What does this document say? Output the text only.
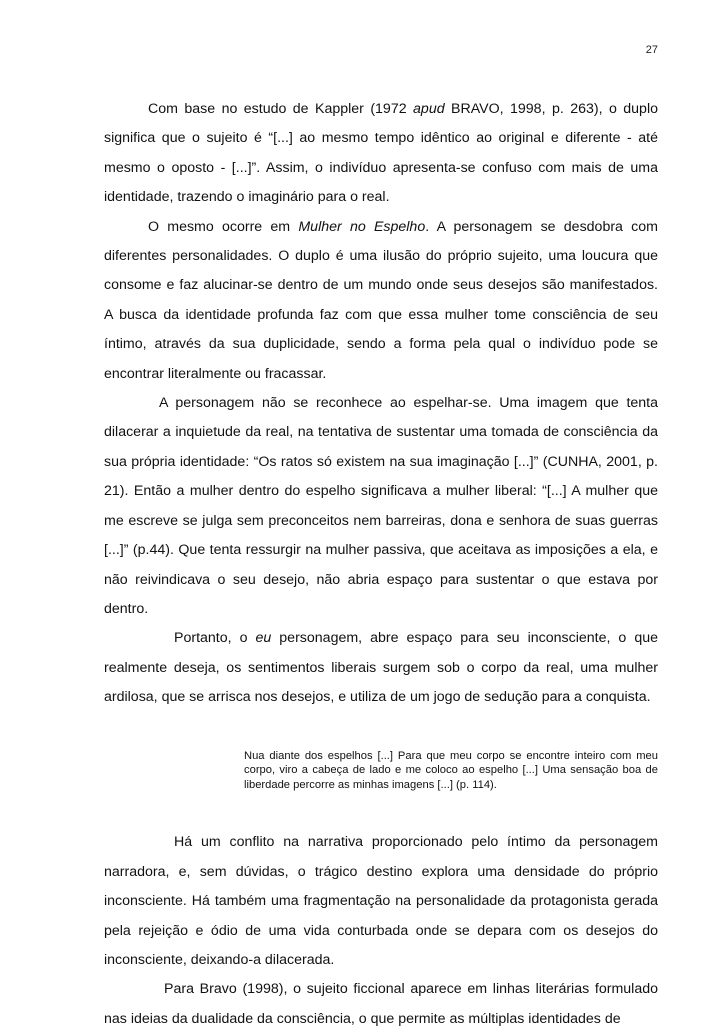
27

Com base no estudo de Kappler (1972 apud BRAVO, 1998, p. 263), o duplo significa que o sujeito é “[...] ao mesmo tempo idêntico ao original e diferente - até mesmo o oposto - [...]”. Assim, o indivíduo apresenta-se confuso com mais de uma identidade, trazendo o imaginário para o real.

O mesmo ocorre em Mulher no Espelho. A personagem se desdobra com diferentes personalidades. O duplo é uma ilusão do próprio sujeito, uma loucura que consome e faz alucinar-se dentro de um mundo onde seus desejos são manifestados. A busca da identidade profunda faz com que essa mulher tome consciência de seu íntimo, através da sua duplicidade, sendo a forma pela qual o indivíduo pode se encontrar literalmente ou fracassar.

A personagem não se reconhece ao espelhar-se. Uma imagem que tenta dilacerar a inquietude da real, na tentativa de sustentar uma tomada de consciência da sua própria identidade: “Os ratos só existem na sua imaginação [...]” (CUNHA, 2001, p. 21). Então a mulher dentro do espelho significava a mulher liberal: “[...] A mulher que me escreve se julga sem preconceitos nem barreiras, dona e senhora de suas guerras [...]” (p.44). Que tenta ressurgir na mulher passiva, que aceitava as imposições a ela, e não reivindicava o seu desejo, não abria espaço para sustentar o que estava por dentro.

Portanto, o eu personagem, abre espaço para seu inconsciente, o que realmente deseja, os sentimentos liberais surgem sob o corpo da real, uma mulher ardilosa, que se arrisca nos desejos, e utiliza de um jogo de sedução para a conquista.

Nua diante dos espelhos [...] Para que meu corpo se encontre inteiro com meu corpo, viro a cabeça de lado e me coloco ao espelho [...] Uma sensação boa de liberdade percorre as minhas imagens [...] (p. 114).

Há um conflito na narrativa proporcionado pelo íntimo da personagem narradora, e, sem dúvidas, o trágico destino explora uma densidade do próprio inconsciente. Há também uma fragmentação na personalidade da protagonista gerada pela rejeição e ódio de uma vida conturbada onde se depara com os desejos do inconsciente, deixando-a dilacerada.

Para Bravo (1998), o sujeito ficcional aparece em linhas literárias formulado nas ideias da dualidade da consciência, o que permite as múltiplas identidades de
